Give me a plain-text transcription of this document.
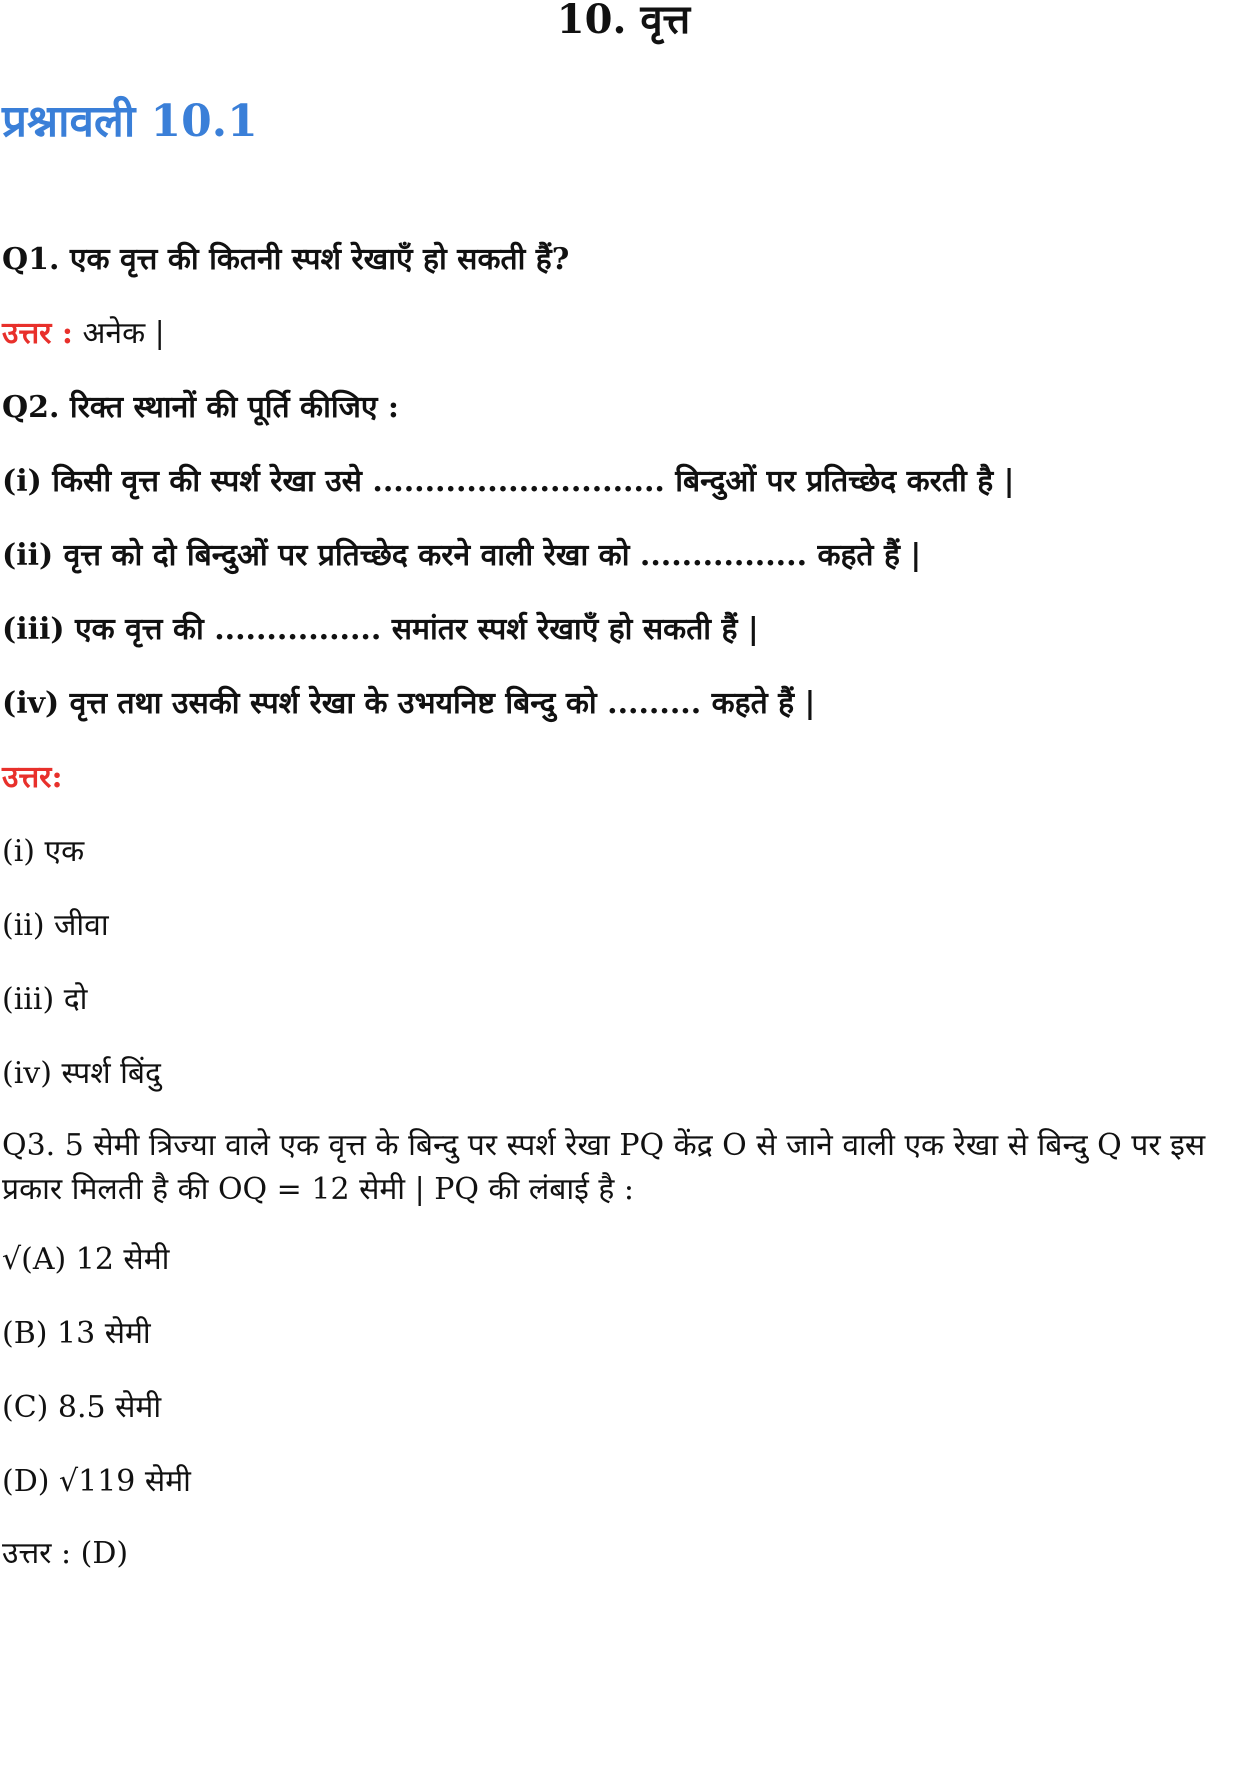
10. वृत्त
प्रश्नावली 10.1
Q1. एक वृत्त की कितनी स्पर्श रेखाएँ हो सकती हैं?
उत्तर : अनेक |
Q2. रिक्त स्थानों की पूर्ति कीजिए :
(i) किसी वृत्त की स्पर्श रेखा उसे ............................ बिन्दुओं पर प्रतिच्छेद करती है |
(ii) वृत्त को दो बिन्दुओं पर प्रतिच्छेद करने वाली रेखा को ................ कहते हैं |
(iii) एक वृत्त की ................ समांतर स्पर्श रेखाएँ हो सकती हैं |
(iv) वृत्त तथा उसकी स्पर्श रेखा के उभयनिष्ट बिन्दु को ......... कहते हैं |
उत्तर:
(i) एक
(ii) जीवा
(iii) दो
(iv) स्पर्श बिंदु
Q3. 5 सेमी त्रिज्या वाले एक वृत्त के बिन्दु पर स्पर्श रेखा PQ केंद्र O से जाने वाली एक रेखा से बिन्दु Q पर इस प्रकार मिलती है की OQ = 12 सेमी | PQ की लंबाई है :
√(A) 12 सेमी
(B) 13 सेमी
(C) 8.5 सेमी
(D) √119 सेमी
उत्तर : (D)
